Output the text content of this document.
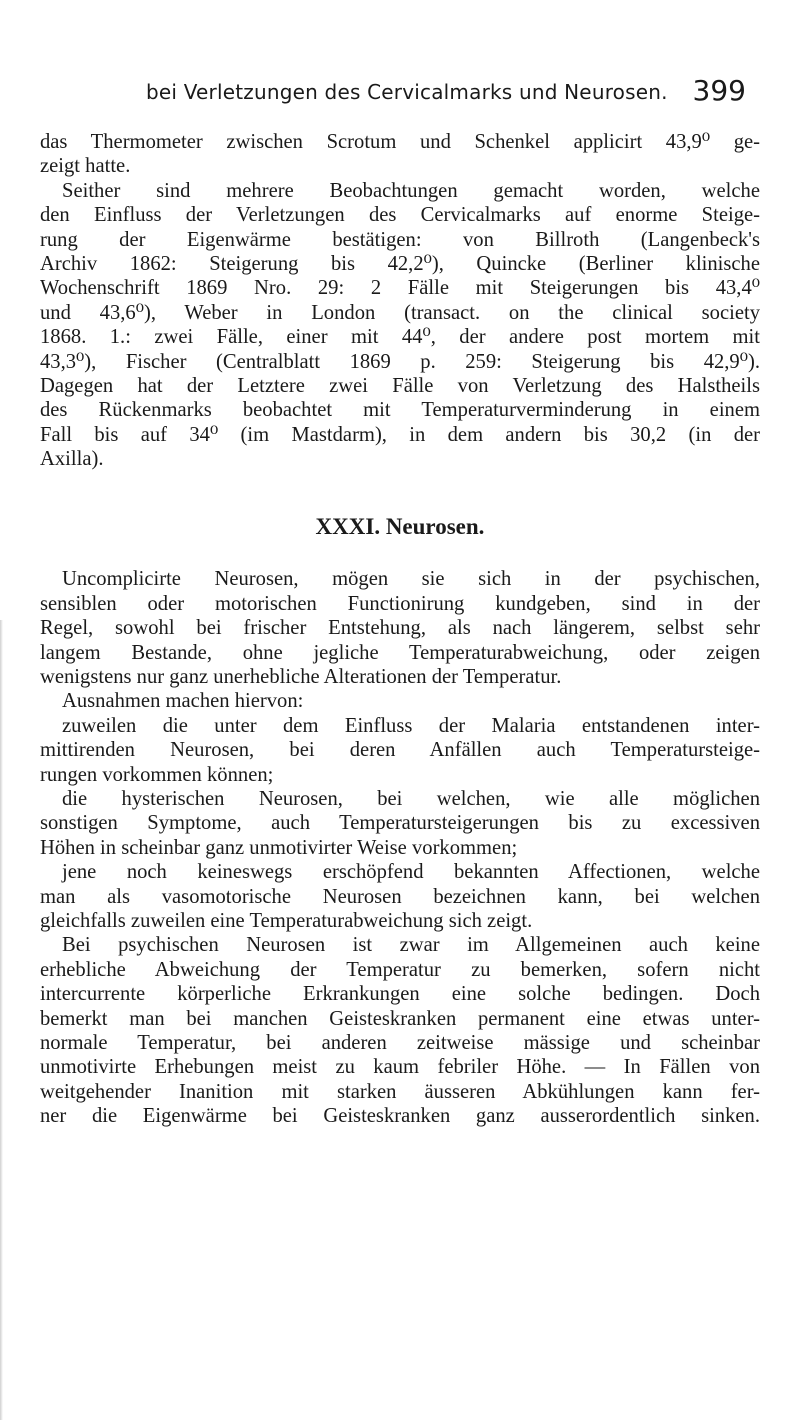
bei Verletzungen des Cervicalmarks und Neurosen. 399
das Thermometer zwischen Scrotum und Schenkel applicirt 43,9⁰ ge-
zeigt hatte.
Seither sind mehrere Beobachtungen gemacht worden, welche
den Einfluss der Verletzungen des Cervicalmarks auf enorme Steige-
rung der Eigenwärme bestätigen: von Billroth (Langenbeck's
Archiv 1862: Steigerung bis 42,2⁰), Quincke (Berliner klinische
Wochenschrift 1869 Nro. 29: 2 Fälle mit Steigerungen bis 43,4⁰
und 43,6⁰), Weber in London (transact. on the clinical society
1868. 1.: zwei Fälle, einer mit 44⁰, der andere post mortem mit
43,3⁰), Fischer (Centralblatt 1869 p. 259: Steigerung bis 42,9⁰).
Dagegen hat der Letztere zwei Fälle von Verletzung des Halstheils
des Rückenmarks beobachtet mit Temperaturverminderung in einem
Fall bis auf 34⁰ (im Mastdarm), in dem andern bis 30,2 (in der
Axilla).
XXXI. Neurosen.
Uncomplicirte Neurosen, mögen sie sich in der psychischen,
sensiblen oder motorischen Functionirung kundgeben, sind in der
Regel, sowohl bei frischer Entstehung, als nach längerem, selbst sehr
langem Bestande, ohne jegliche Temperaturabweichung, oder zeigen
wenigstens nur ganz unerhebliche Alterationen der Temperatur.
Ausnahmen machen hiervon:
zuweilen die unter dem Einfluss der Malaria entstandenen inter-
mittirenden Neurosen, bei deren Anfällen auch Temperatursteige-
rungen vorkommen können;
die hysterischen Neurosen, bei welchen, wie alle möglichen
sonstigen Symptome, auch Temperatursteigerungen bis zu excessiven
Höhen in scheinbar ganz unmotivirter Weise vorkommen;
jene noch keineswegs erschöpfend bekannten Affectionen, welche
man als vasomotorische Neurosen bezeichnen kann, bei welchen
gleichfalls zuweilen eine Temperaturabweichung sich zeigt.
Bei psychischen Neurosen ist zwar im Allgemeinen auch keine
erhebliche Abweichung der Temperatur zu bemerken, sofern nicht
intercurrente körperliche Erkrankungen eine solche bedingen. Doch
bemerkt man bei manchen Geisteskranken permanent eine etwas unter-
normale Temperatur, bei anderen zeitweise mässige und scheinbar
unmotivirte Erhebungen meist zu kaum febriler Höhe. — In Fällen von
weitgehender Inanition mit starken äusseren Abkühlungen kann fer-
ner die Eigenwärme bei Geisteskranken ganz ausserordentlich sinken.
